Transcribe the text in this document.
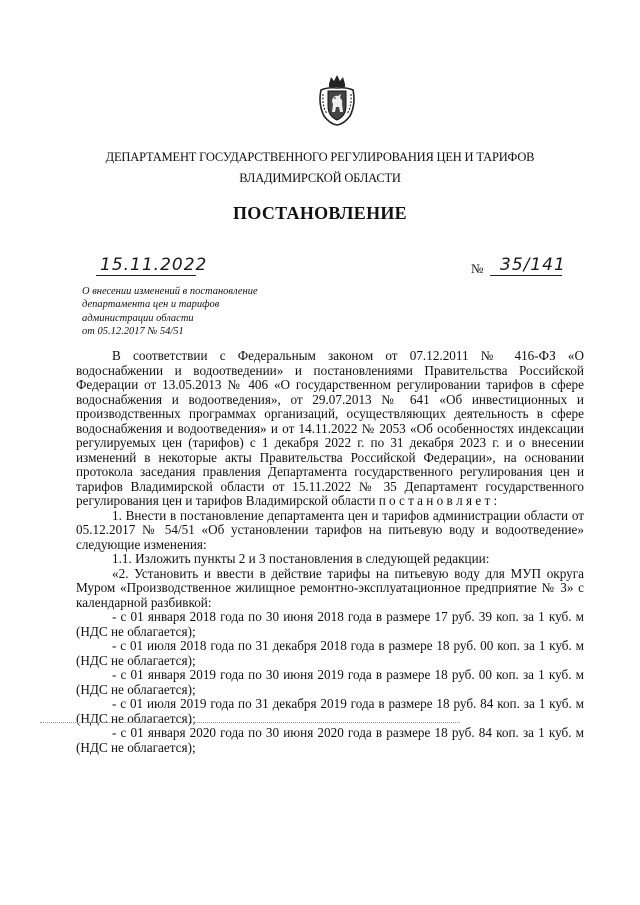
ДЕПАРТАМЕНТ ГОСУДАРСТВЕННОГО РЕГУЛИРОВАНИЯ ЦЕН И ТАРИФОВ
ВЛАДИМИРСКОЙ ОБЛАСТИ
ПОСТАНОВЛЕНИЕ
15.11.2022	№ 35/141
О внесении изменений в постановление
департамента цен и тарифов
администрации области
от 05.12.2017 № 54/51

В соответствии с Федеральным законом от 07.12.2011 № 416-ФЗ «О водоснабжении и водоотведении» и постановлениями Правительства Российской Федерации от 13.05.2013 № 406 «О государственном регулировании тарифов в сфере водоснабжения и водоотведения», от 29.07.2013 № 641 «Об инвестиционных и производственных программах организаций, осуществляющих деятельность в сфере водоснабжения и водоотведения» и от 14.11.2022 № 2053 «Об особенностях индексации регулируемых цен (тарифов) с 1 декабря 2022 г. по 31 декабря 2023 г. и о внесении изменений в некоторые акты Правительства Российской Федерации», на основании протокола заседания правления Департамента государственного регулирования цен и тарифов Владимирской области от 15.11.2022 № 35 Департамент государственного регулирования цен и тарифов Владимирской области п о с т а н о в л я е т :

1. Внести в постановление департамента цен и тарифов администрации области от 05.12.2017 № 54/51 «Об установлении тарифов на питьевую воду и водоотведение» следующие изменения:

1.1. Изложить пункты 2 и 3 постановления в следующей редакции:

«2. Установить и ввести в действие тарифы на питьевую воду для МУП округа Муром «Производственное жилищное ремонтно-эксплуатационное предприятие № 3» с календарной разбивкой:

- с 01 января 2018 года по 30 июня 2018 года в размере 17 руб. 39 коп. за 1 куб. м (НДС не облагается);

- с 01 июля 2018 года по 31 декабря 2018 года в размере 18 руб. 00 коп. за 1 куб. м (НДС не облагается);

- с 01 января 2019 года по 30 июня 2019 года в размере 18 руб. 00 коп. за 1 куб. м (НДС не облагается);

- с 01 июля 2019 года по 31 декабря 2019 года в размере 18 руб. 84 коп. за 1 куб. м (НДС не облагается);

- с 01 января 2020 года по 30 июня 2020 года в размере 18 руб. 84 коп. за 1 куб. м (НДС не облагается);
